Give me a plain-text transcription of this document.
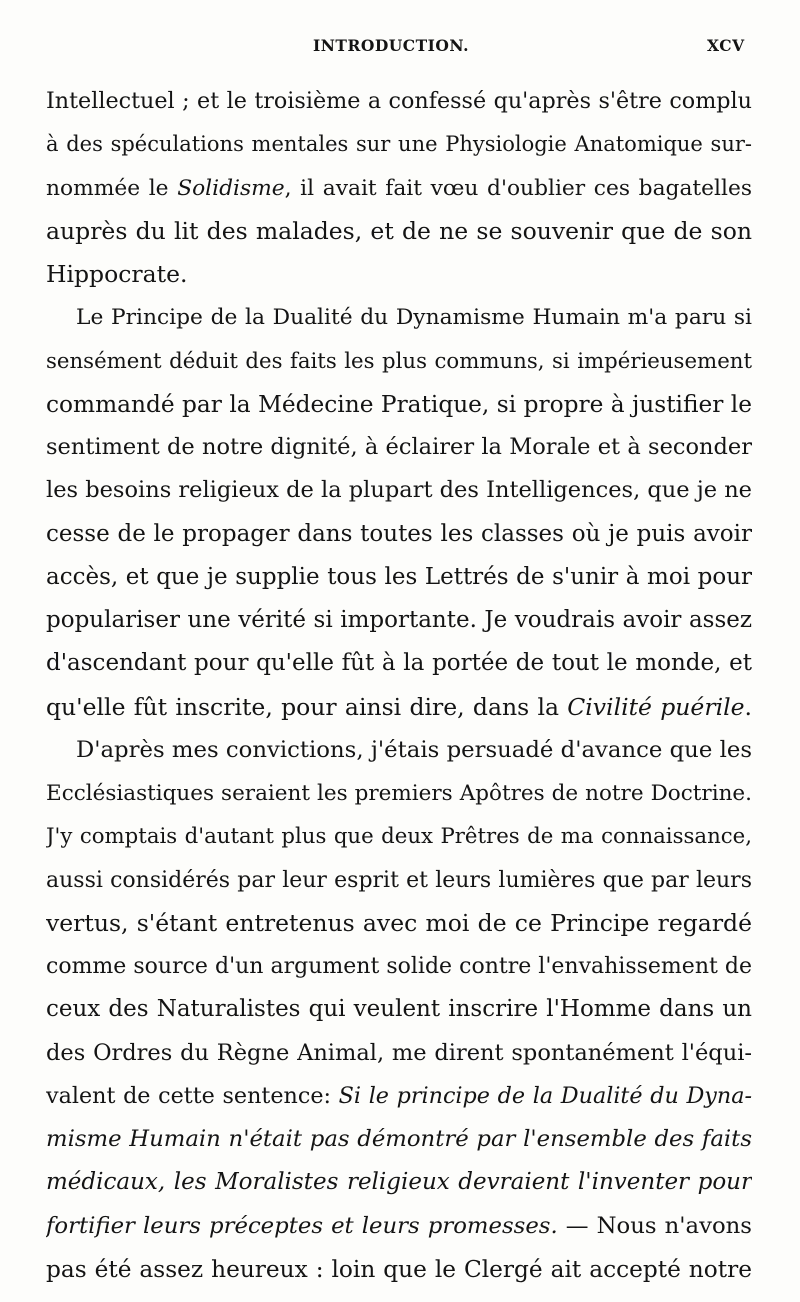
INTRODUCTION.	XCV
Intellectuel ; et le troisième a confessé qu'après s'être complu
à des spéculations mentales sur une Physiologie Anatomique sur-
nommée le Solidisme, il avait fait vœu d'oublier ces bagatelles
auprès du lit des malades, et de ne se souvenir que de son
Hippocrate.
Le Principe de la Dualité du Dynamisme Humain m'a paru si
sensément déduit des faits les plus communs, si impérieusement
commandé par la Médecine Pratique, si propre à justifier le
sentiment de notre dignité, à éclairer la Morale et à seconder
les besoins religieux de la plupart des Intelligences, que je ne
cesse de le propager dans toutes les classes où je puis avoir
accès, et que je supplie tous les Lettrés de s'unir à moi pour
populariser une vérité si importante. Je voudrais avoir assez
d'ascendant pour qu'elle fût à la portée de tout le monde, et
qu'elle fût inscrite, pour ainsi dire, dans la Civilité puérile.
D'après mes convictions, j'étais persuadé d'avance que les
Ecclésiastiques seraient les premiers Apôtres de notre Doctrine.
J'y comptais d'autant plus que deux Prêtres de ma connaissance,
aussi considérés par leur esprit et leurs lumières que par leurs
vertus, s'étant entretenus avec moi de ce Principe regardé
comme source d'un argument solide contre l'envahissement de
ceux des Naturalistes qui veulent inscrire l'Homme dans un
des Ordres du Règne Animal, me dirent spontanément l'équi-
valent de cette sentence: Si le principe de la Dualité du Dyna-
misme Humain n'était pas démontré par l'ensemble des faits
médicaux, les Moralistes religieux devraient l'inventer pour
fortifier leurs préceptes et leurs promesses. — Nous n'avons
pas été assez heureux : loin que le Clergé ait accepté notre
